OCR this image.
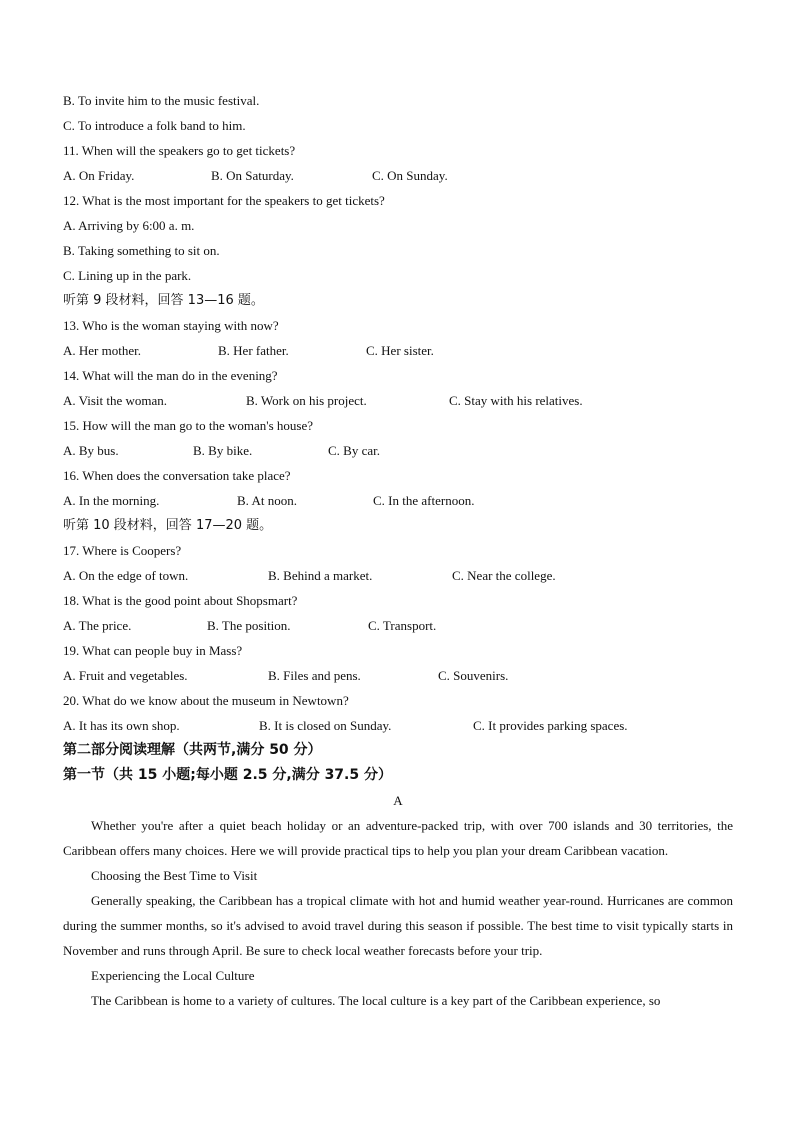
B. To invite him to the music festival.
C. To introduce a folk band to him.
11. When will the speakers go to get tickets?
A. On Friday.	B. On Saturday.	C. On Sunday.
12. What is the most important for the speakers to get tickets?
A. Arriving by 6:00 a. m.
B. Taking something to sit on.
C. Lining up in the park.
听第 9 段材料，回答 13—16 题。
13. Who is the woman staying with now?
A. Her mother.	B. Her father.	C. Her sister.
14. What will the man do in the evening?
A. Visit the woman.	B. Work on his project.	C. Stay with his relatives.
15. How will the man go to the woman's house?
A. By bus.	B. By bike.	C. By car.
16. When does the conversation take place?
A. In the morning.	B. At noon.	C. In the afternoon.
听第 10 段材料，回答 17—20 题。
17. Where is Coopers?
A. On the edge of town.	B. Behind a market.	C. Near the college.
18. What is the good point about Shopsmart?
A. The price.	B. The position.	C. Transport.
19. What can people buy in Mass?
A. Fruit and vegetables.	B. Files and pens.	C. Souvenirs.
20. What do we know about the museum in Newtown?
A. It has its own shop.	B. It is closed on Sunday.	C. It provides parking spaces.
第二部分阅读理解（共两节,满分 50 分）
第一节（共 15 小题;每小题 2.5 分,满分 37.5 分）
A

Whether you're after a quiet beach holiday or an adventure-packed trip, with over 700 islands and 30 territories, the Caribbean offers many choices. Here we will provide practical tips to help you plan your dream Caribbean vacation.

Choosing the Best Time to Visit

Generally speaking, the Caribbean has a tropical climate with hot and humid weather year-round. Hurricanes are common during the summer months, so it's advised to avoid travel during this season if possible. The best time to visit typically starts in November and runs through April. Be sure to check local weather forecasts before your trip.

Experiencing the Local Culture

The Caribbean is home to a variety of cultures. The local culture is a key part of the Caribbean experience, so
